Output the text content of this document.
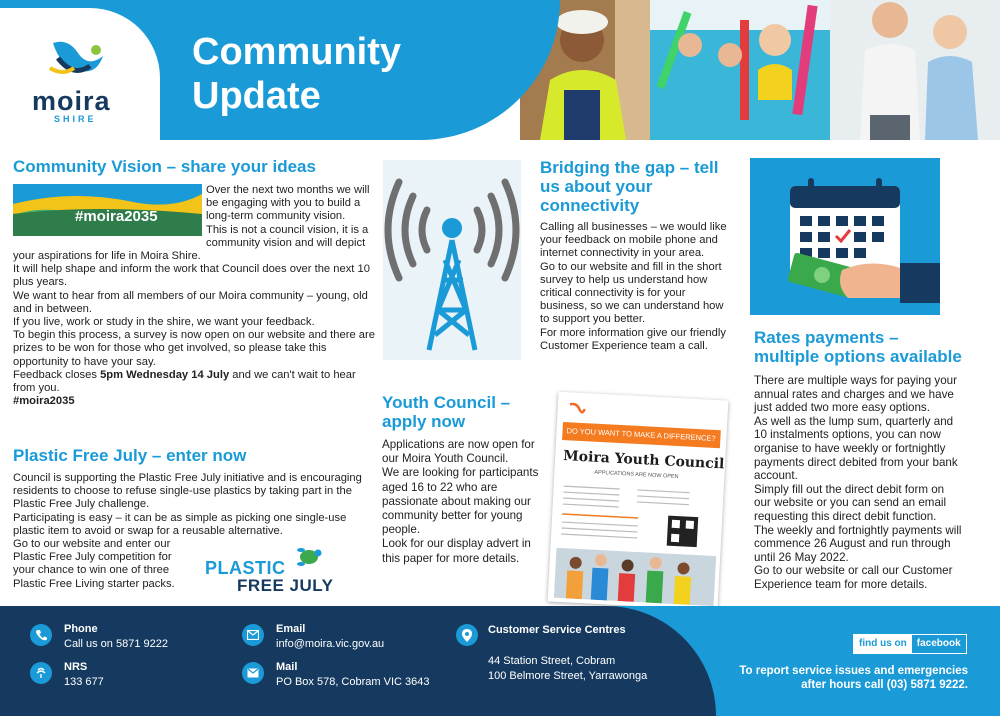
moira
SHIRE
Community
Update
Community Vision – share your ideas
#moira2035
Over the next two months we will be engaging with you to build a long-term community vision.
This is not a council vision, it is a community vision and will depict your aspirations for life in Moira Shire.
It will help shape and inform the work that Council does over the next 10 plus years.
We want to hear from all members of our Moira community – young, old and in between.
If you live, work or study in the shire, we want your feedback.
To begin this process, a survey is now open on our website and there are prizes to be won for those who get involved, so please take this opportunity to have your say.
Feedback closes 5pm Wednesday 14 July and we can't wait to hear from you.
#moira2035
Plastic Free July – enter now
Council is supporting the Plastic Free July initiative and is encouraging residents to choose to refuse single-use plastics by taking part in the Plastic Free July challenge.
Participating is easy – it can be as simple as picking one single-use plastic item to avoid or swap for a reusable alternative.
Go to our website and enter our Plastic Free July competition for your chance to win one of three Plastic Free Living starter packs.
PLASTIC
FREE JULY
Bridging the gap – tell us about your connectivity
Calling all businesses – we would like your feedback on mobile phone and internet connectivity in your area.
Go to our website and fill in the short survey to help us understand how critical connectivity is for your business, so we can understand how to support you better.
For more information give our friendly Customer Experience team a call.
Youth Council – apply now
Applications are now open for our Moira Youth Council.
We are looking for participants aged 16 to 22 who are passionate about making our community better for young people.
Look for our display advert in this paper for more details.
DO YOU WANT TO MAKE A DIFFERENCE?
Moira Youth Council
APPLICATIONS ARE NOW OPEN
Rates payments – multiple options available
There are multiple ways for paying your annual rates and charges and we have just added two more easy options.
As well as the lump sum, quarterly and 10 instalments options, you can now organise to have weekly or fortnightly payments direct debited from your bank account.
Simply fill out the direct debit form on our website or you can send an email requesting this direct debit function.
The weekly and fortnightly payments will commence 26 August and run through until 26 May 2022.
Go to our website or call our Customer Experience team for more details.
Phone
Call us on 5871 9222
NRS
133 677
Email
info@moira.vic.gov.au
Mail
PO Box 578, Cobram VIC 3643
Customer Service Centres
44 Station Street, Cobram
100 Belmore Street, Yarrawonga
find us on	facebook
To report service issues and emergencies
after hours call (03) 5871 9222.
